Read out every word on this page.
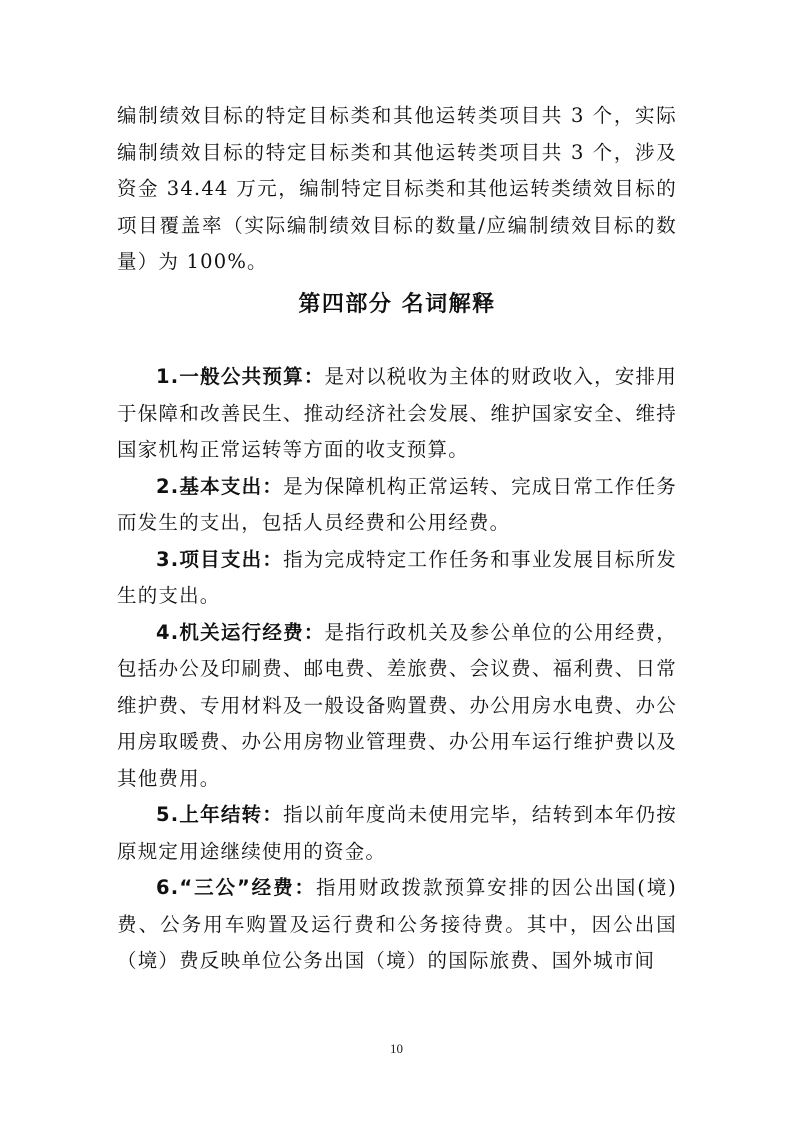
编制绩效目标的特定目标类和其他运转类项目共 3 个，实际编制绩效目标的特定目标类和其他运转类项目共 3 个，涉及资金 34.44 万元，编制特定目标类和其他运转类绩效目标的项目覆盖率（实际编制绩效目标的数量/应编制绩效目标的数量）为 100%。

第四部分 名词解释

1.一般公共预算：是对以税收为主体的财政收入，安排用于保障和改善民生、推动经济社会发展、维护国家安全、维持国家机构正常运转等方面的收支预算。

2.基本支出：是为保障机构正常运转、完成日常工作任务而发生的支出，包括人员经费和公用经费。

3.项目支出：指为完成特定工作任务和事业发展目标所发生的支出。

4.机关运行经费：是指行政机关及参公单位的公用经费，包括办公及印刷费、邮电费、差旅费、会议费、福利费、日常维护费、专用材料及一般设备购置费、办公用房水电费、办公用房取暖费、办公用房物业管理费、办公用车运行维护费以及其他费用。

5.上年结转：指以前年度尚未使用完毕，结转到本年仍按原规定用途继续使用的资金。

6.“三公”经费：指用财政拨款预算安排的因公出国(境)费、公务用车购置及运行费和公务接待费。其中，因公出国（境）费反映单位公务出国（境）的国际旅费、国外城市间

10
